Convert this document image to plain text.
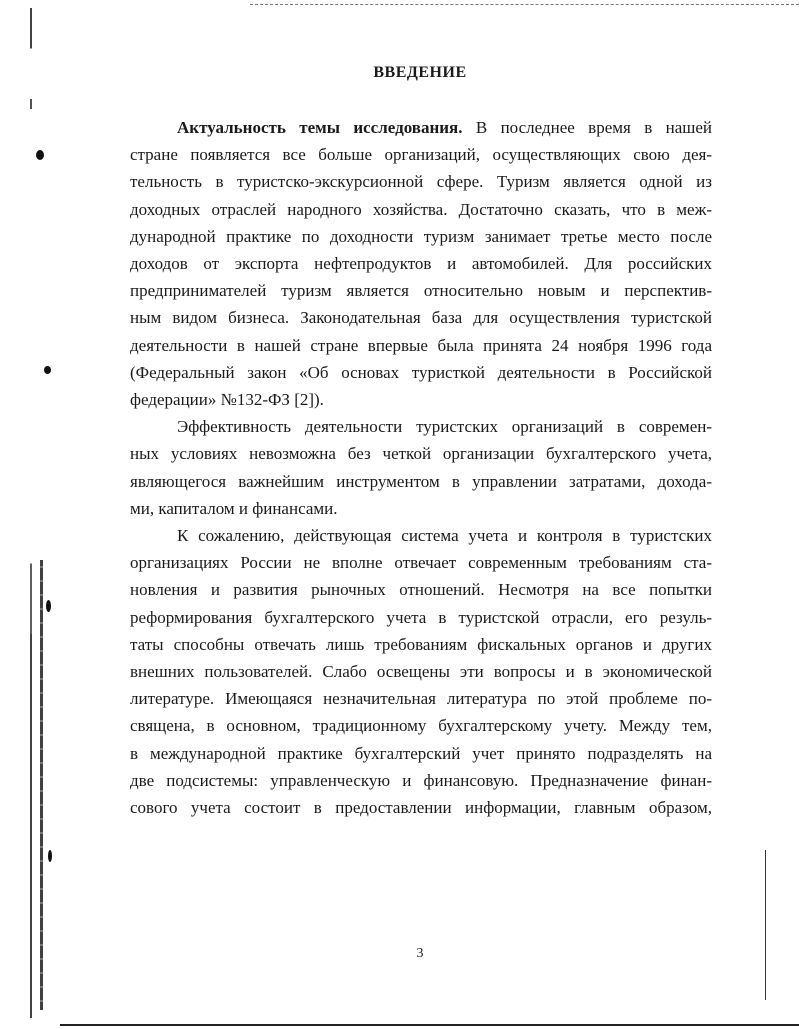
ВВЕДЕНИЕ
Актуальность темы исследования. В последнее время в нашей
стране появляется все больше организаций, осуществляющих свою дея-
тельность в туристско-экскурсионной сфере. Туризм является одной из
доходных отраслей народного хозяйства. Достаточно сказать, что в меж-
дународной практике по доходности туризм занимает третье место после
доходов от экспорта нефтепродуктов и автомобилей. Для российских
предпринимателей туризм является относительно новым и перспектив-
ным видом бизнеса. Законодательная база для осуществления туристской
деятельности в нашей стране впервые была принята 24 ноября 1996 года
(Федеральный закон «Об основах туристкой деятельности в Российской
федерации» №132-ФЗ [2]).
Эффективность деятельности туристских организаций в современ-
ных условиях невозможна без четкой организации бухгалтерского учета,
являющегося важнейшим инструментом в управлении затратами, дохода-
ми, капиталом и финансами.
К сожалению, действующая система учета и контроля в туристских
организациях России не вполне отвечает современным требованиям ста-
новления и развития рыночных отношений. Несмотря на все попытки
реформирования бухгалтерского учета в туристской отрасли, его резуль-
таты способны отвечать лишь требованиям фискальных органов и других
внешних пользователей. Слабо освещены эти вопросы и в экономической
литературе. Имеющаяся незначительная литература по этой проблеме по-
священа, в основном, традиционному бухгалтерскому учету. Между тем,
в международной практике бухгалтерский учет принято подразделять на
две подсистемы: управленческую и финансовую. Предназначение финан-
сового учета состоит в предоставлении информации, главным образом,
3
